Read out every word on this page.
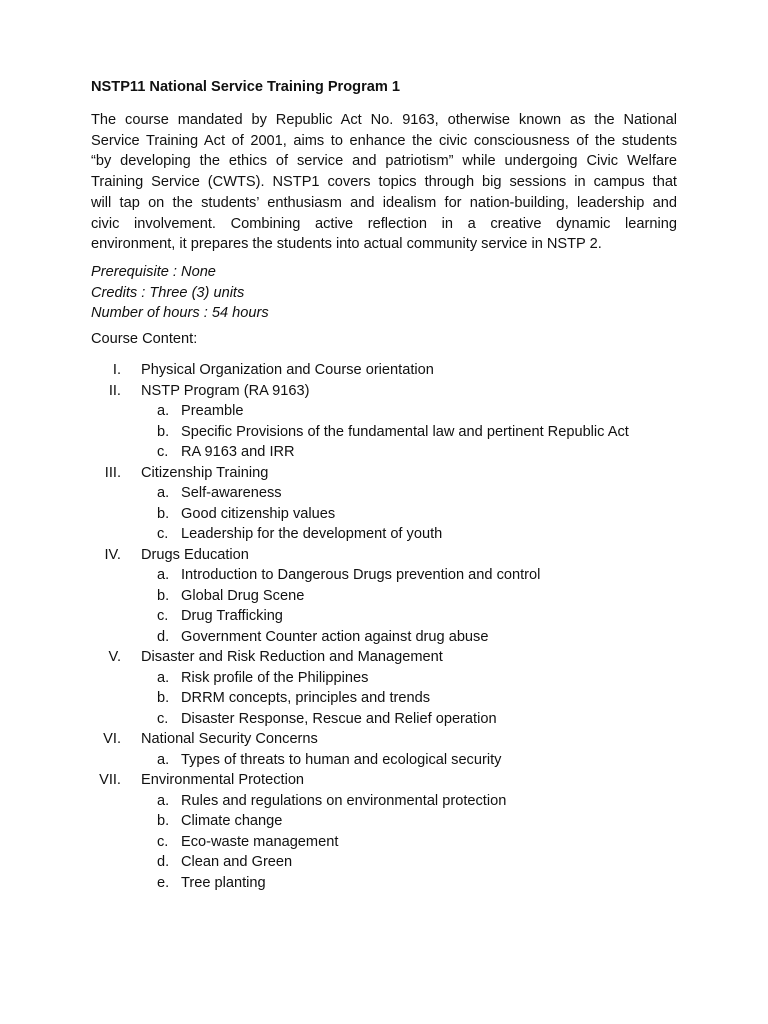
NSTP11 National Service Training Program 1
The course mandated by Republic Act No. 9163, otherwise known as the National
Service Training Act of 2001, aims to enhance the civic consciousness of the students
“by developing the ethics of service and patriotism” while undergoing Civic Welfare
Training Service (CWTS). NSTP1 covers topics through big sessions in campus that
will tap on the students’ enthusiasm and idealism for nation-building, leadership and
civic involvement. Combining active reflection in a creative dynamic learning
environment, it prepares the students into actual community service in NSTP 2.
Prerequisite : None
Credits : Three (3) units
Number of hours : 54 hours
Course Content:
I. Physical Organization and Course orientation
II. NSTP Program (RA 9163)
a. Preamble
b. Specific Provisions of the fundamental law and pertinent Republic Act
c. RA 9163 and IRR
III. Citizenship Training
a. Self-awareness
b. Good citizenship values
c. Leadership for the development of youth
IV. Drugs Education
a. Introduction to Dangerous Drugs prevention and control
b. Global Drug Scene
c. Drug Trafficking
d. Government Counter action against drug abuse
V. Disaster and Risk Reduction and Management
a. Risk profile of the Philippines
b. DRRM concepts, principles and trends
c. Disaster Response, Rescue and Relief operation
VI. National Security Concerns
a. Types of threats to human and ecological security
VII. Environmental Protection
a. Rules and regulations on environmental protection
b. Climate change
c. Eco-waste management
d. Clean and Green
e. Tree planting
